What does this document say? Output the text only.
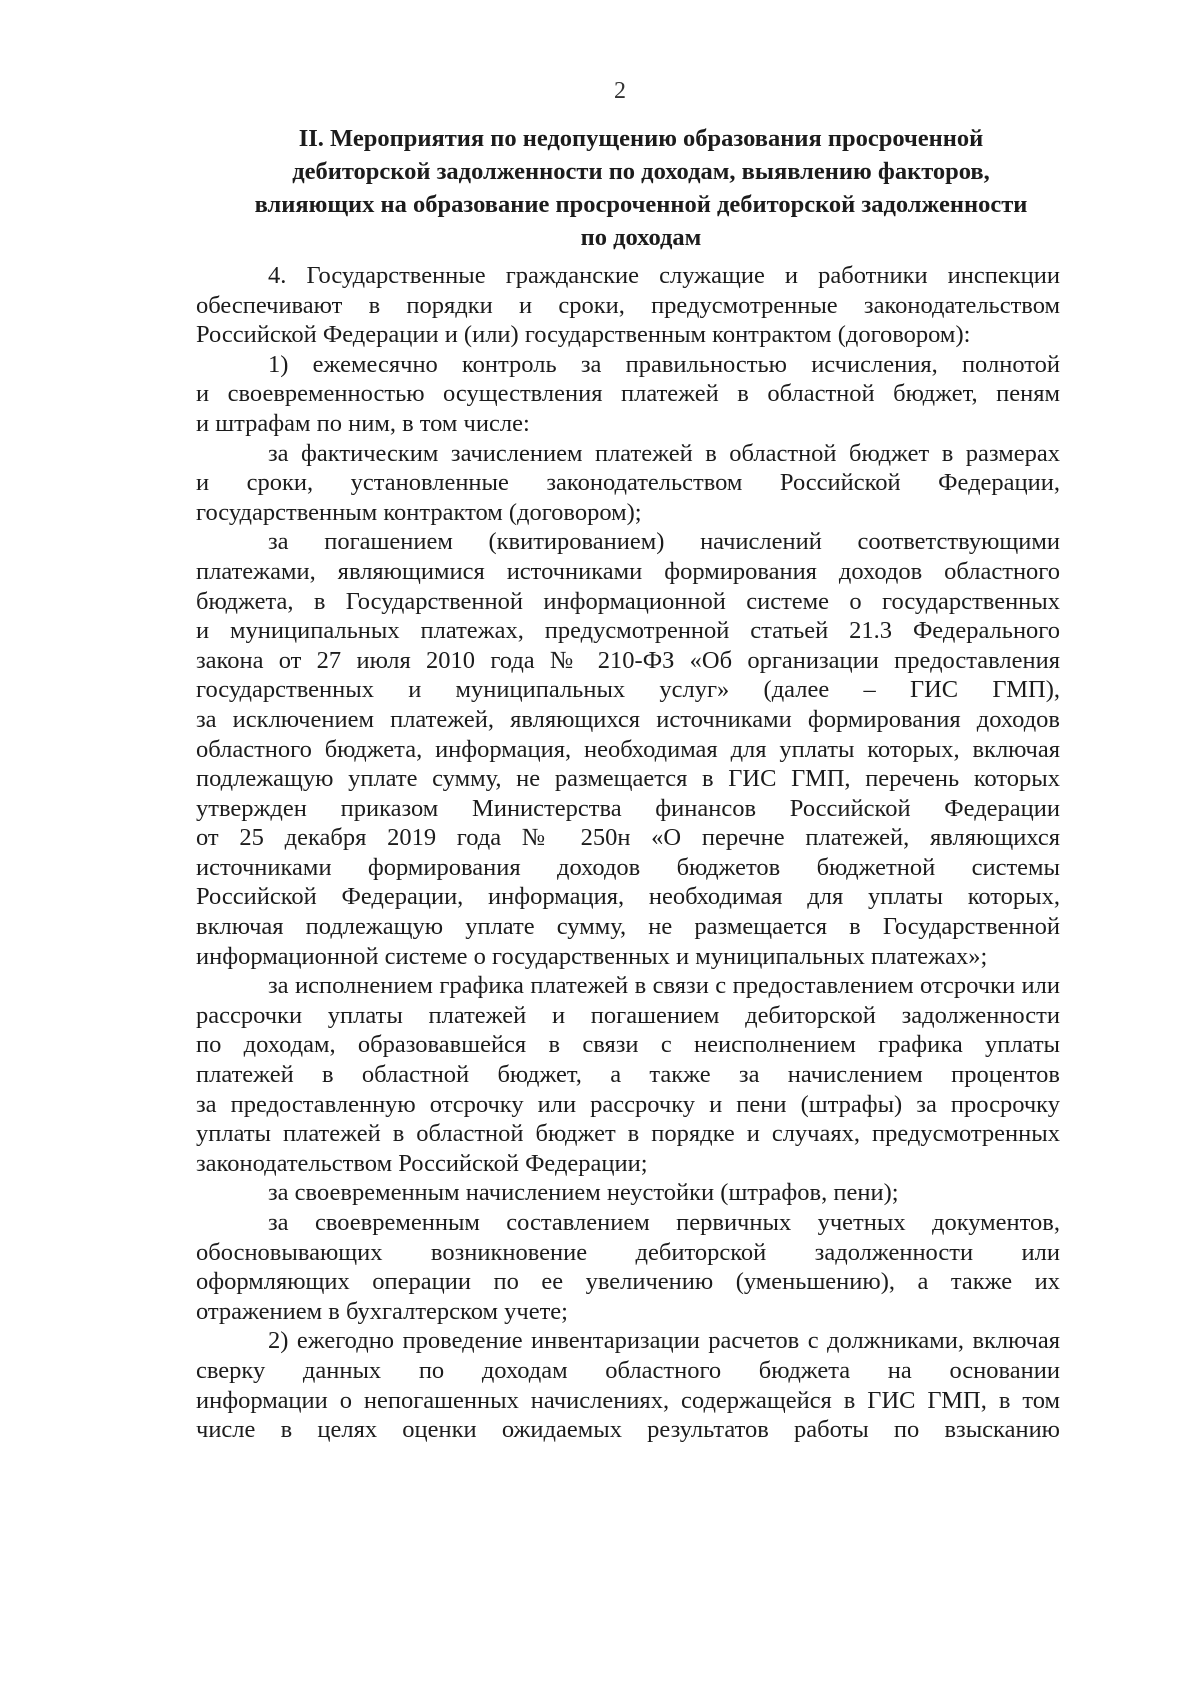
2
II. Мероприятия по недопущению образования просроченной
дебиторской задолженности по доходам, выявлению факторов,
влияющих на образование просроченной дебиторской задолженности
по доходам

4. Государственные гражданские служащие и работники инспекции
обеспечивают в порядки и сроки, предусмотренные законодательством
Российской Федерации и (или) государственным контрактом (договором):

1) ежемесячно контроль за правильностью исчисления, полнотой
и своевременностью осуществления платежей в областной бюджет, пеням
и штрафам по ним, в том числе:

за фактическим зачислением платежей в областной бюджет в размерах
и сроки, установленные законодательством Российской Федерации,
государственным контрактом (договором);

за погашением (квитированием) начислений соответствующими
платежами, являющимися источниками формирования доходов областного
бюджета, в Государственной информационной системе о государственных
и муниципальных платежах, предусмотренной статьей 21.3 Федерального
закона от 27 июля 2010 года № 210-ФЗ «Об организации предоставления
государственных и муниципальных услуг» (далее – ГИС ГМП),
за исключением платежей, являющихся источниками формирования доходов
областного бюджета, информация, необходимая для уплаты которых, включая
подлежащую уплате сумму, не размещается в ГИС ГМП, перечень которых
утвержден приказом Министерства финансов Российской Федерации
от 25 декабря 2019 года № 250н «О перечне платежей, являющихся
источниками формирования доходов бюджетов бюджетной системы
Российской Федерации, информация, необходимая для уплаты которых,
включая подлежащую уплате сумму, не размещается в Государственной
информационной системе о государственных и муниципальных платежах»;

за исполнением графика платежей в связи с предоставлением отсрочки или
рассрочки уплаты платежей и погашением дебиторской задолженности
по доходам, образовавшейся в связи с неисполнением графика уплаты
платежей в областной бюджет, а также за начислением процентов
за предоставленную отсрочку или рассрочку и пени (штрафы) за просрочку
уплаты платежей в областной бюджет в порядке и случаях, предусмотренных
законодательством Российской Федерации;

за своевременным начислением неустойки (штрафов, пени);

за своевременным составлением первичных учетных документов,
обосновывающих возникновение дебиторской задолженности или
оформляющих операции по ее увеличению (уменьшению), а также их
отражением в бухгалтерском учете;

2) ежегодно проведение инвентаризации расчетов с должниками, включая
сверку данных по доходам областного бюджета на основании
информации о непогашенных начислениях, содержащейся в ГИС ГМП, в том
числе в целях оценки ожидаемых результатов работы по взысканию
